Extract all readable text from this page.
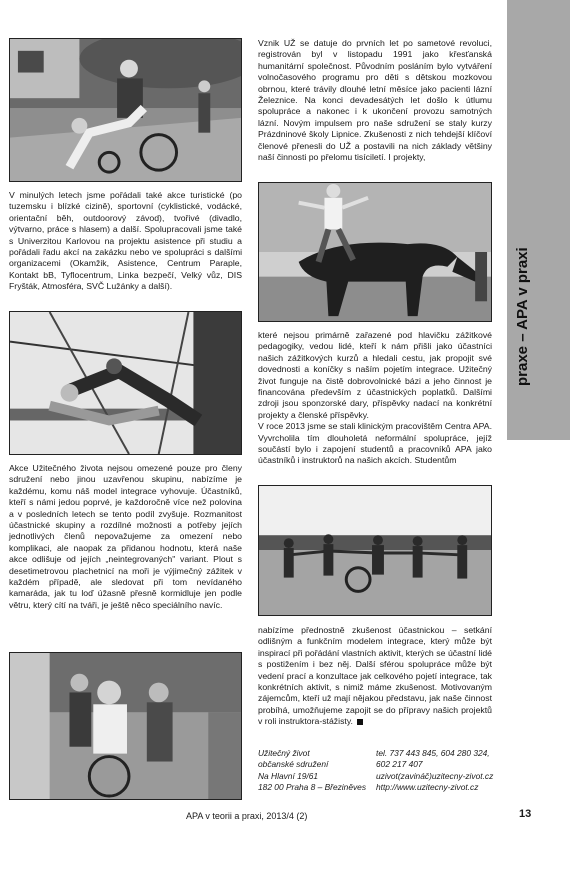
V minulých letech jsme pořádali také akce turistické (po tuzemsku i blízké cizině), sportovní (cyklistické, vodácké, orientační běh, outdoorový závod), tvořivé (divadlo, výtvarno, práce s hlasem) a další. Spolupracovali jsme také s Univerzitou Karlovou na projektu asistence při studiu a pořádali řadu akcí na zakázku nebo ve spolupráci s dalšími organizacemi (Okamžik, Asistence, Centrum Paraple, Kontakt bB, Tyflocentrum, Linka bezpečí, Velký vůz, DIS Fryšták, Atmosféra, SVČ Lužánky a další).

Akce Užitečného života nejsou omezené pouze pro členy sdružení nebo jinou uzavřenou skupinu, nabízíme je každému, komu náš model integrace vyhovuje. Účastníků, kteří s námi jedou poprvé, je každoročně více než polovina a v posledních letech se tento podíl zvyšuje. Rozmanitost účastnické skupiny a rozdílné možnosti a potřeby jejích jednotlivých členů nepovažujeme za omezení nebo komplikaci, ale naopak za přidanou hodnotu, která naše akce odlišuje od jejích „neintegrovaných" variant. Plout s desetimetrovou plachetnicí na moři je výjimečný zážitek v každém případě, ale sledovat při tom nevídaného kamaráda, jak tu loď úžasně přesně kormidluje jen podle větru, který cítí na tváři, je ještě něco speciálního navíc.

Vznik UŽ se datuje do prvních let po sametové revoluci, registrován byl v listopadu 1991 jako křesťanská humanitární společnost. Původním posláním bylo vytváření volnočasového programu pro děti s dětskou mozkovou obrnou, které trávily dlouhé letní měsíce jako pacienti lázní Železnice. Na konci devadesátých let došlo k útlumu spolupráce a nakonec i k ukončení provozu samotných lázní. Novým impulsem pro naše sdružení se staly kurzy Prázdninové školy Lipnice. Zkušenosti z nich tehdejší klíčoví členové přenesli do UŽ a postavili na nich základy většiny naší činnosti po přelomu tisíciletí. I projekty,

které nejsou primárně zařazené pod hlavičku zážitkové pedagogiky, vedou lidé, kteří k nám přišli jako účastníci našich zážitkových kurzů a hledali cestu, jak propojit své dovednosti a koníčky s naším pojetím integrace. Užitečný život funguje na čistě dobrovolnické bázi a jeho činnost je financována především z účastnických poplatků. Dalšími zdroji jsou sponzorské dary, příspěvky nadací na konkrétní projekty a členské příspěvky.

V roce 2013 jsme se stali klinickým pracovištěm Centra APA. Vyvrcholila tím dlouholetá neformální spolupráce, jejíž součástí bylo i zapojení studentů a pracovníků APA jako účastníků i instruktorů na našich akcích. Studentům

nabízíme přednostně zkušenost účastnickou – setkání odlišným a funkčním modelem integrace, který může být inspirací při pořádání vlastních aktivit, kterých se účastní lidé s postižením i bez něj. Další sférou spolupráce může být vedení prací a konzultace jak celkového pojetí integrace, tak konkrétních aktivit, s nimiž máme zkušenost. Motivovaným zájemcům, kteří už mají nějakou představu, jak naše činnost probíhá, umožňujeme zapojit se do přípravy našich projektů v roli instruktora-stážisty.

Užitečný život
občanské sdružení
Na Hlavní 19/61
182 00 Praha 8 – Březiněves
tel. 737 443 845, 604 280 324,
602 217 407
uzivot(zavináč)uzitecny-zivot.cz
http://www.uzitecny-zivot.cz
APA v teorii a praxi, 2013/4 (2)	13
